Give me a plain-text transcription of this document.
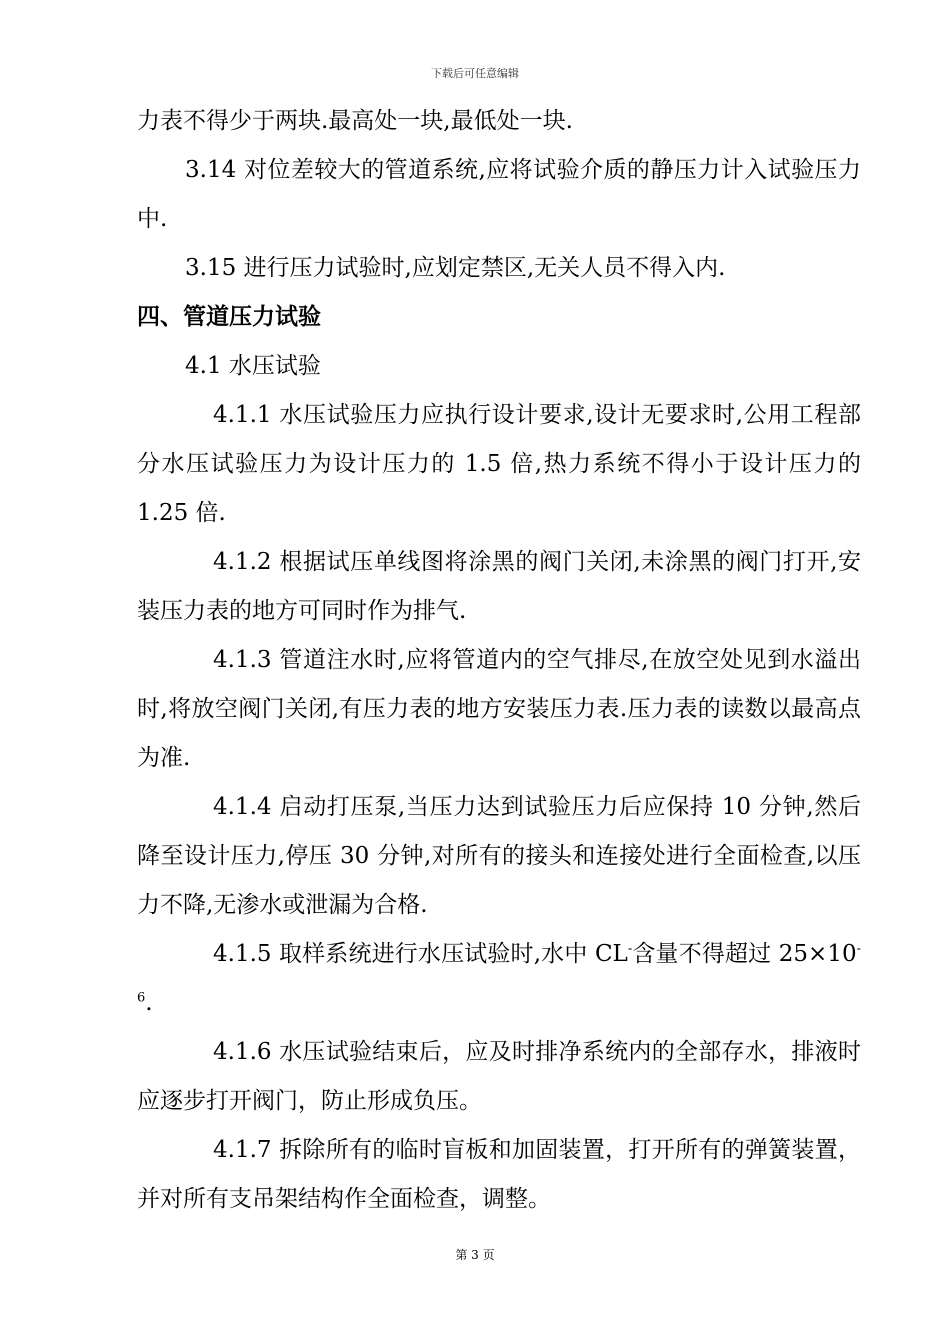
下载后可任意编辑

力表不得少于两块.最高处一块,最低处一块.

3.14 对位差较大的管道系统,应将试验介质的静压力计入试验压力中.

3.15 进行压力试验时,应划定禁区,无关人员不得入内.

四、管道压力试验

4.1 水压试验

4.1.1 水压试验压力应执行设计要求,设计无要求时,公用工程部分水压试验压力为设计压力的 1.5 倍,热力系统不得小于设计压力的 1.25 倍.

4.1.2 根据试压单线图将涂黑的阀门关闭,未涂黑的阀门打开,安装压力表的地方可同时作为排气.

4.1.3 管道注水时,应将管道内的空气排尽,在放空处见到水溢出时,将放空阀门关闭,有压力表的地方安装压力表.压力表的读数以最高点为准.

4.1.4 启动打压泵,当压力达到试验压力后应保持 10 分钟,然后降至设计压力,停压 30 分钟,对所有的接头和连接处进行全面检查,以压力不降,无渗水或泄漏为合格.

4.1.5 取样系统进行水压试验时,水中 CL-含量不得超过 $25\times 10^{-6}$.

4.1.6 水压试验结束后，应及时排净系统内的全部存水，排液时应逐步打开阀门，防止形成负压。

4.1.7 拆除所有的临时盲板和加固装置，打开所有的弹簧装置，并对所有支吊架结构作全面检查，调整。

第 3 页
